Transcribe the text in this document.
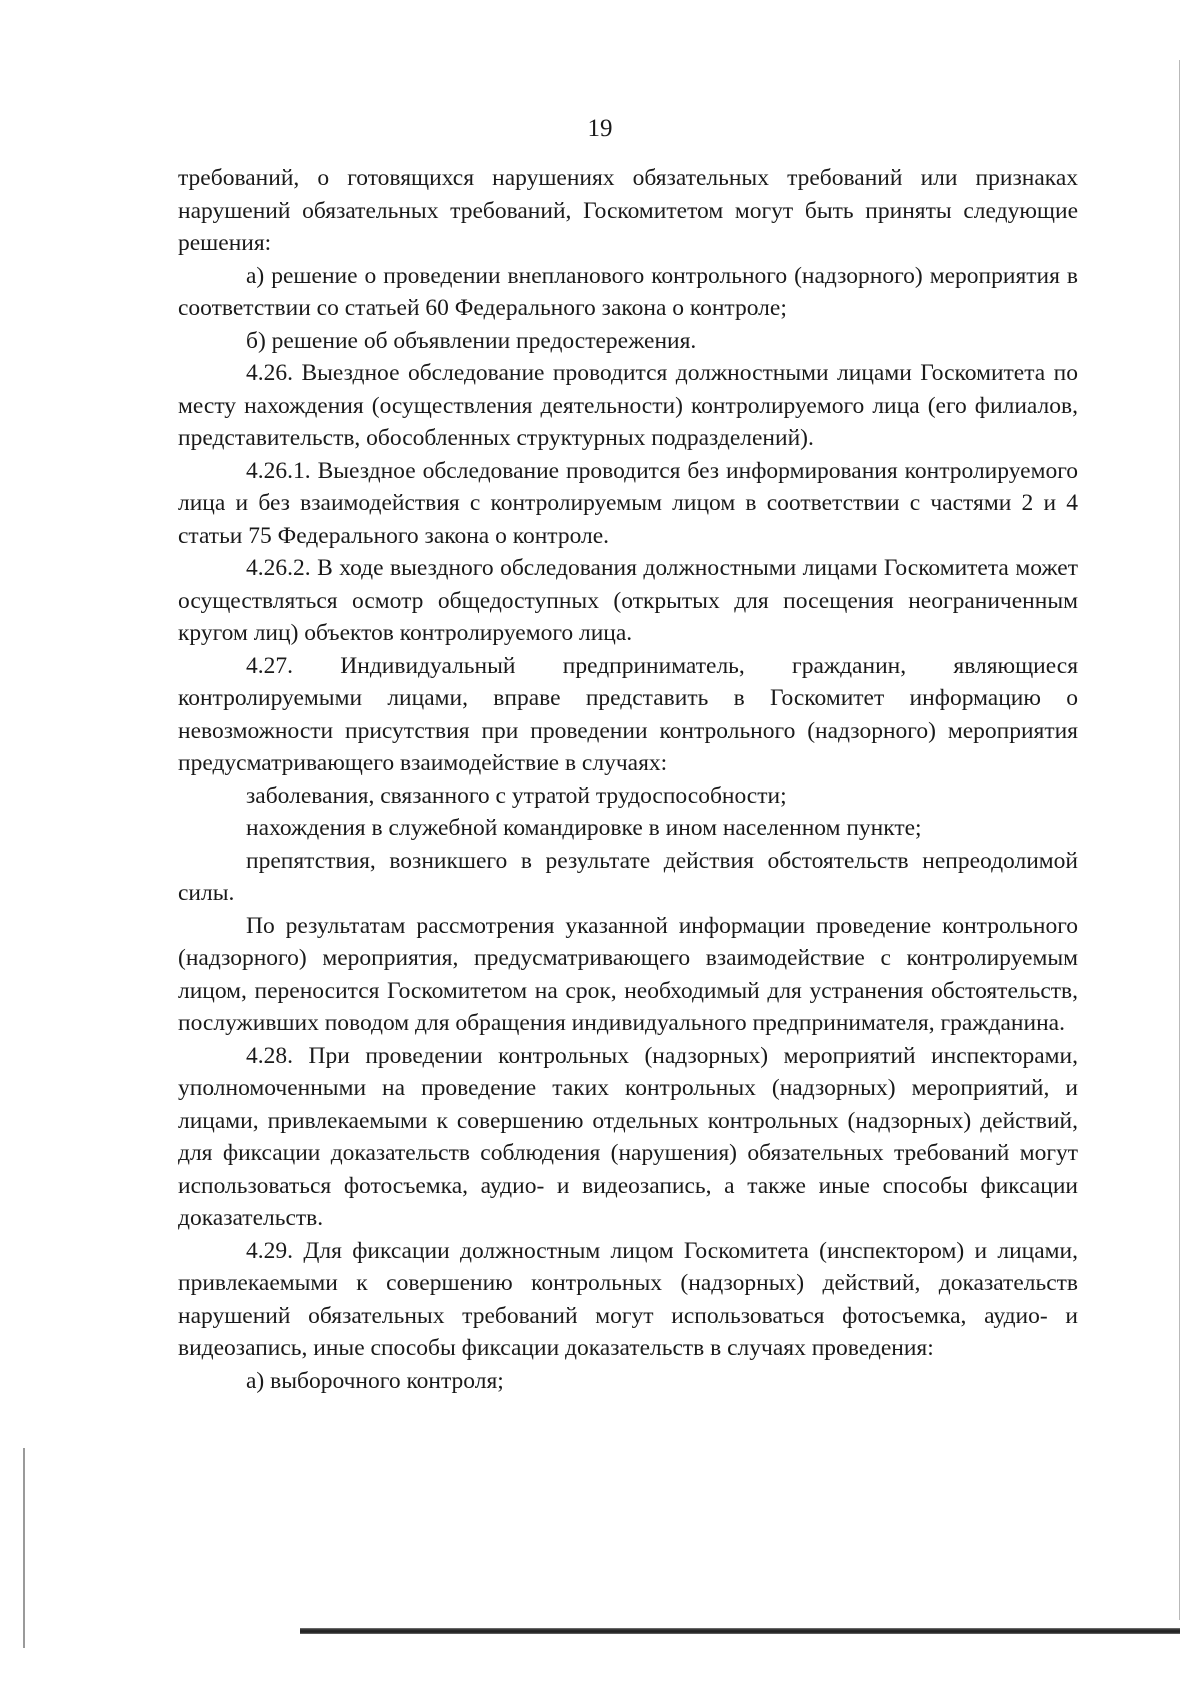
19

требований, о готовящихся нарушениях обязательных требований или признаках нарушений обязательных требований, Госкомитетом могут быть приняты следующие решения:

а) решение о проведении внепланового контрольного (надзорного) мероприятия в соответствии со статьей 60 Федерального закона о контроле;

б) решение об объявлении предостережения.

4.26. Выездное обследование проводится должностными лицами Госкомитета по месту нахождения (осуществления деятельности) контролируемого лица (его филиалов, представительств, обособленных структурных подразделений).

4.26.1. Выездное обследование проводится без информирования контролируемого лица и без взаимодействия с контролируемым лицом в соответствии с частями 2 и 4 статьи 75 Федерального закона о контроле.

4.26.2. В ходе выездного обследования должностными лицами Госкомитета может осуществляться осмотр общедоступных (открытых для посещения неограниченным кругом лиц) объектов контролируемого лица.

4.27. Индивидуальный предприниматель, гражданин, являющиеся контролируемыми лицами, вправе представить в Госкомитет информацию о невозможности присутствия при проведении контрольного (надзорного) мероприятия предусматривающего взаимодействие в случаях:

заболевания, связанного с утратой трудоспособности;

нахождения в служебной командировке в ином населенном пункте;

препятствия, возникшего в результате действия обстоятельств непреодолимой силы.

По результатам рассмотрения указанной информации проведение контрольного (надзорного) мероприятия, предусматривающего взаимодействие с контролируемым лицом, переносится Госкомитетом на срок, необходимый для устранения обстоятельств, послуживших поводом для обращения индивидуального предпринимателя, гражданина.

4.28. При проведении контрольных (надзорных) мероприятий инспекторами, уполномоченными на проведение таких контрольных (надзорных) мероприятий, и лицами, привлекаемыми к совершению отдельных контрольных (надзорных) действий, для фиксации доказательств соблюдения (нарушения) обязательных требований могут использоваться фотосъемка, аудио- и видеозапись, а также иные способы фиксации доказательств.

4.29. Для фиксации должностным лицом Госкомитета (инспектором) и лицами, привлекаемыми к совершению контрольных (надзорных) действий, доказательств нарушений обязательных требований могут использоваться фотосъемка, аудио- и видеозапись, иные способы фиксации доказательств в случаях проведения:

а) выборочного контроля;
